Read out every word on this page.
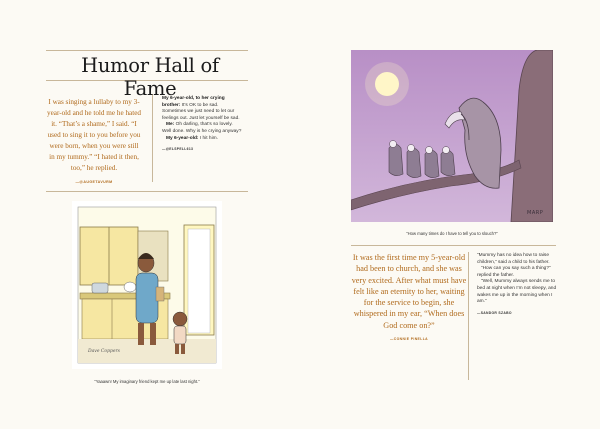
Humor Hall of Fame

I was singing a lullaby to my 3-year-old and he told me he hated it. “That’s a shame,” I said. “I used to sing it to you before you were born, when you were still in my tummy.” “I hated it then, too,” he replied.

—@AUGETAVURM

My 6-year-old, to her crying brother: It’s OK to be sad. Sometimes we just need to let our feelings out. Just let yourself be sad.

Me: Oh darling, that’s so lovely. Well done. Why is he crying anyway?

My 6-year-old: I hit him.

—@ELSPELL613
Dave Coppers
“Yaaawn! My imaginary friend kept me up late last night.”
MARP
“How many times do I have to tell you to slouch?”

It was the first time my 5-year-old had been to church, and she was very excited. After what must have felt like an eternity to her, waiting for the service to begin, she whispered in my ear, “When does God come on?”

—CONNIE PINELLA

“Mummy has no idea how to raise children,” said a child to his father.

“How can you say such a thing?” replied the father.

“Well, Mummy always sends me to bed at night when I’m not sleepy, and wakes me up in the morning when I am.”

—SANDOR SZABO
